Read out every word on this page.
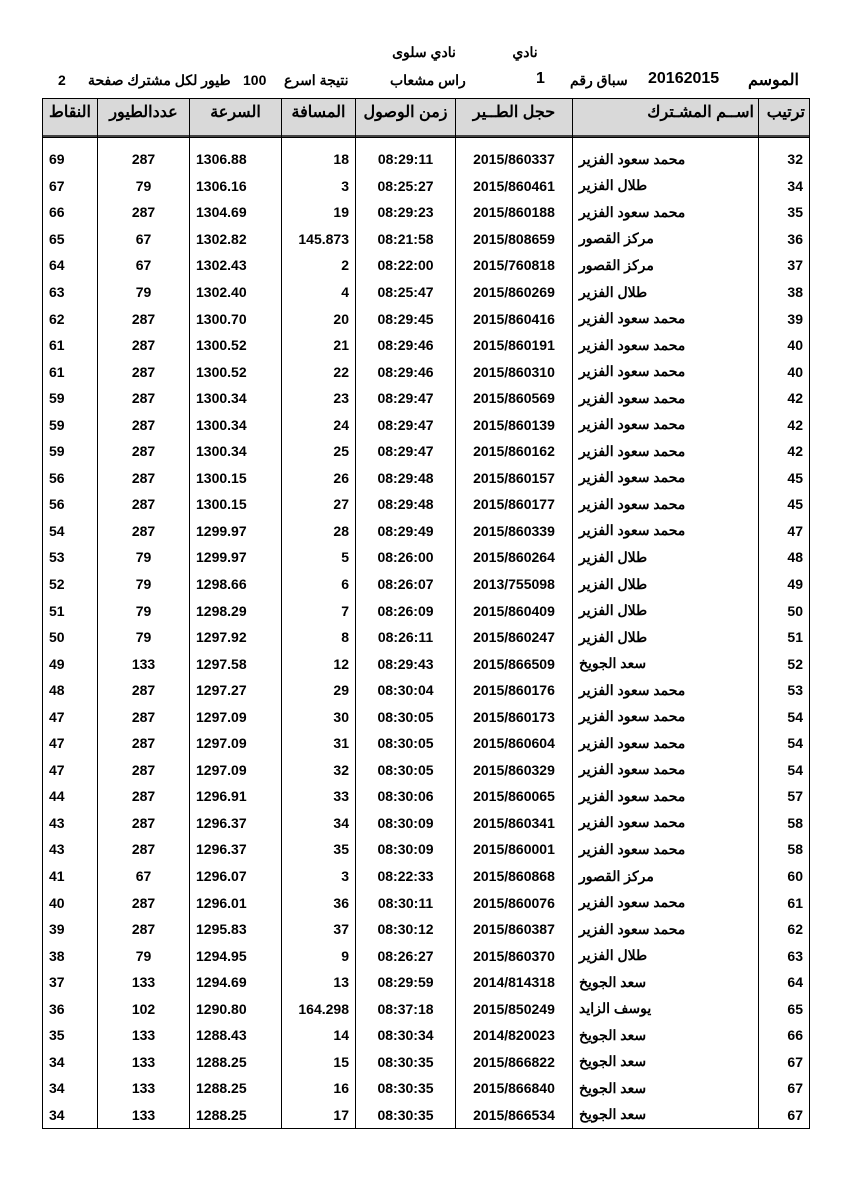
نادي سلوى	نادي
2 طيور لكل مشترك صفحة 100 نتيجة اسرع	راس مشعاب	1 سباق رقم 20162015 الموسم
ترتيب	اســم المشـترك	حجل الطــير	زمن الوصول	المسافة	السرعة	عددالطيور	النقاط

32	محمد سعود الفزير	2015/860337	08:29:11	18	1306.88	287	69
34	طلال الفزير	2015/860461	08:25:27	3	1306.16	79	67
35	محمد سعود الفزير	2015/860188	08:29:23	19	1304.69	287	66
36	مركز القصور	2015/808659	08:21:58	145.873	1302.82	67	65
37	مركز القصور	2015/760818	08:22:00	2	1302.43	67	64
38	طلال الفزير	2015/860269	08:25:47	4	1302.40	79	63
39	محمد سعود الفزير	2015/860416	08:29:45	20	1300.70	287	62
40	محمد سعود الفزير	2015/860191	08:29:46	21	1300.52	287	61
40	محمد سعود الفزير	2015/860310	08:29:46	22	1300.52	287	61
42	محمد سعود الفزير	2015/860569	08:29:47	23	1300.34	287	59
42	محمد سعود الفزير	2015/860139	08:29:47	24	1300.34	287	59
42	محمد سعود الفزير	2015/860162	08:29:47	25	1300.34	287	59
45	محمد سعود الفزير	2015/860157	08:29:48	26	1300.15	287	56
45	محمد سعود الفزير	2015/860177	08:29:48	27	1300.15	287	56
47	محمد سعود الفزير	2015/860339	08:29:49	28	1299.97	287	54
48	طلال الفزير	2015/860264	08:26:00	5	1299.97	79	53
49	طلال الفزير	2013/755098	08:26:07	6	1298.66	79	52
50	طلال الفزير	2015/860409	08:26:09	7	1298.29	79	51
51	طلال الفزير	2015/860247	08:26:11	8	1297.92	79	50
52	سعد الجويخ	2015/866509	08:29:43	12	1297.58	133	49
53	محمد سعود الفزير	2015/860176	08:30:04	29	1297.27	287	48
54	محمد سعود الفزير	2015/860173	08:30:05	30	1297.09	287	47
54	محمد سعود الفزير	2015/860604	08:30:05	31	1297.09	287	47
54	محمد سعود الفزير	2015/860329	08:30:05	32	1297.09	287	47
57	محمد سعود الفزير	2015/860065	08:30:06	33	1296.91	287	44
58	محمد سعود الفزير	2015/860341	08:30:09	34	1296.37	287	43
58	محمد سعود الفزير	2015/860001	08:30:09	35	1296.37	287	43
60	مركز القصور	2015/860868	08:22:33	3	1296.07	67	41
61	محمد سعود الفزير	2015/860076	08:30:11	36	1296.01	287	40
62	محمد سعود الفزير	2015/860387	08:30:12	37	1295.83	287	39
63	طلال الفزير	2015/860370	08:26:27	9	1294.95	79	38
64	سعد الجويخ	2014/814318	08:29:59	13	1294.69	133	37
65	يوسف الزايد	2015/850249	08:37:18	164.298	1290.80	102	36
66	سعد الجويخ	2014/820023	08:30:34	14	1288.43	133	35
67	سعد الجويخ	2015/866822	08:30:35	15	1288.25	133	34
67	سعد الجويخ	2015/866840	08:30:35	16	1288.25	133	34
67	سعد الجويخ	2015/866534	08:30:35	17	1288.25	133	34
